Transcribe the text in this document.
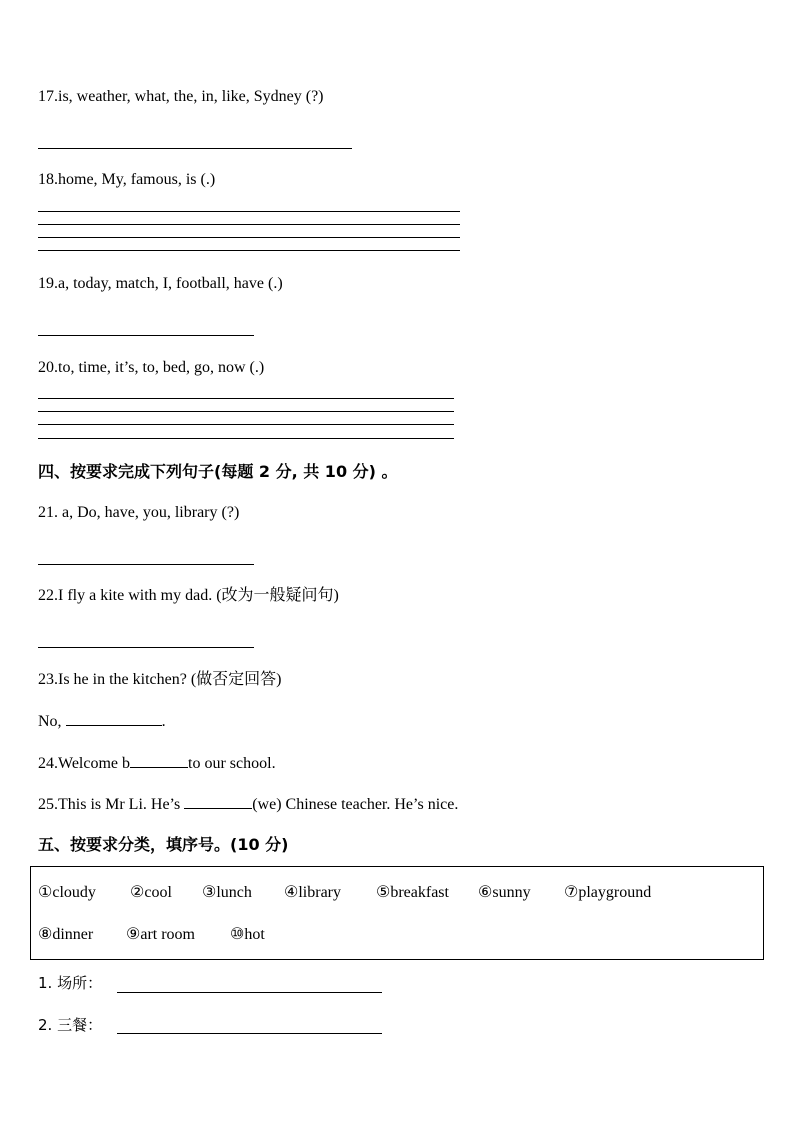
17.is, weather, what, the, in, like, Sydney (?)
18.home, My, famous, is (.)
19.a, today, match, I, football, have (.)
20.to, time, it’s, to, bed, go, now (.)
四、按要求完成下列句子(每题 2 分, 共 10 分) 。
21. a, Do, have, you, library (?)
22.I fly a kite with my dad. (改为一般疑问句)
23.Is he in the kitchen? (做否定回答)
No,	.
24.Welcome b	to our school.
25.This is Mr Li. He’s	(we) Chinese teacher. He’s nice.
五、按要求分类，填序号。(10 分)
①cloudy ②cool ③lunch ④library ⑤breakfast ⑥sunny ⑦playground
⑧dinner ⑨art room ⑩hot
1. 场所：
2. 三餐：
